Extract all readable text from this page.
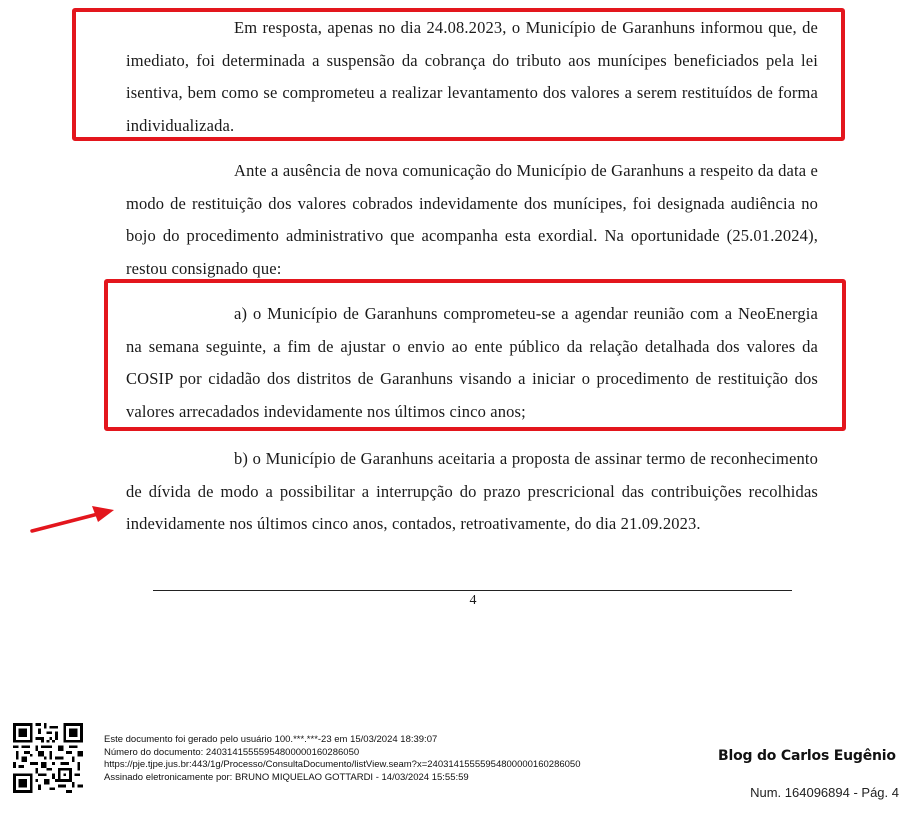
Em resposta, apenas no dia 24.08.2023, o Município de Garanhuns informou que, de imediato, foi determinada a suspensão da cobrança do tributo aos munícipes beneficiados pela lei isentiva, bem como se comprometeu a realizar levantamento dos valores a serem restituídos de forma individualizada.

Ante a ausência de nova comunicação do Município de Garanhuns a respeito da data e modo de restituição dos valores cobrados indevidamente dos munícipes, foi designada audiência no bojo do procedimento administrativo que acompanha esta exordial. Na oportunidade (25.01.2024), restou consignado que:

a) o Município de Garanhuns comprometeu-se a agendar reunião com a NeoEnergia na semana seguinte, a fim de ajustar o envio ao ente público da relação detalhada dos valores da COSIP por cidadão dos distritos de Garanhuns visando a iniciar o procedimento de restituição dos valores arrecadados indevidamente nos últimos cinco anos;

b) o Município de Garanhuns aceitaria a proposta de assinar termo de reconhecimento de dívida de modo a possibilitar a interrupção do prazo prescricional das contribuições recolhidas indevidamente nos últimos cinco anos, contados, retroativamente, do dia 21.09.2023.

4
Este documento foi gerado pelo usuário 100.***.***-23 em 15/03/2024 18:39:07
Número do documento: 24031415555954800000160286050
https://pje.tjpe.jus.br:443/1g/Processo/ConsultaDocumento/listView.seam?x=24031415555954800000160286050
Assinado eletronicamente por: BRUNO MIQUELAO GOTTARDI - 14/03/2024 15:55:59
Blog do Carlos Eugênio
Num. 164096894 - Pág. 4
